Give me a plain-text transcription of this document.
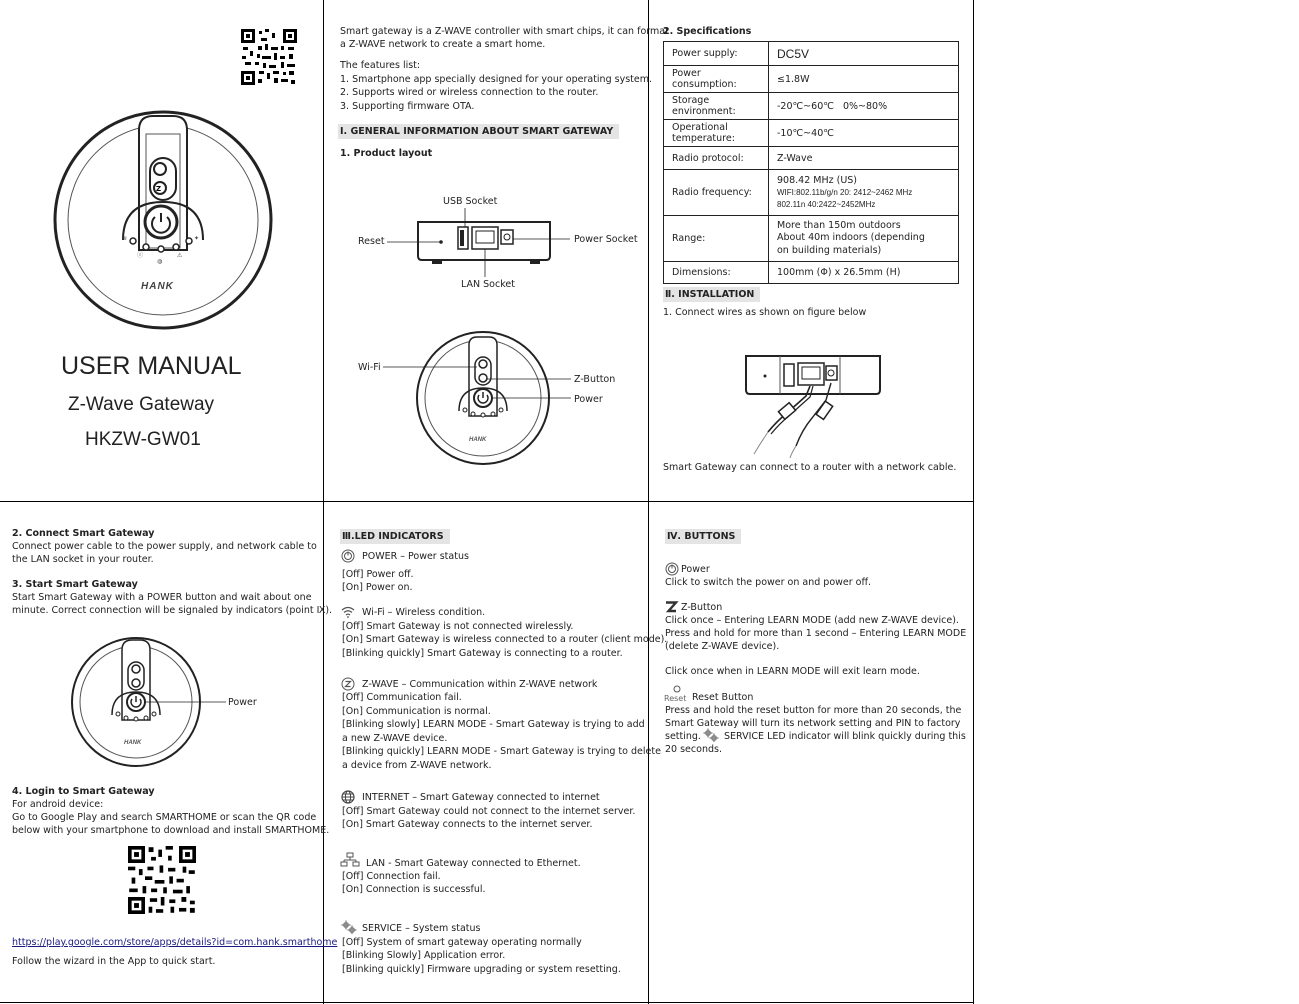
Z
≋	✦
ⓩ
◍
⚠
HANK
USER MANUAL
Z-Wave Gateway
HKZW-GW01
Smart gateway is a Z-WAVE controller with smart chips, it can format
a Z-WAVE network to create a smart home.
The features list:
1. Smartphone app specially designed for your operating system.
2. Supports wired or wireless connection to the router.
3. Supporting firmware OTA.
Ⅰ. GENERAL INFORMATION ABOUT SMART GATEWAY
1. Product layout
USB Socket
Reset	Power Socket
LAN Socket
HANK
Wi-Fi
Z-Button
Power
2. Specifications
Power supply:	DC5V
Power consumption:	≤1.8W
Storage environment:	-20℃~60℃   0%~80%
Operational temperature:	-10℃~40℃
Radio protocol:	Z-Wave
Radio frequency:	908.42 MHz (US)
WIFI:802.11b/g/n 20: 2412~2462 MHz
802.11n 40:2422~2452MHz

Range:	More than 150m outdoors
About 40m indoors (depending
on building materials)

Dimensions:	100mm (Φ) x 26.5mm (H)
Ⅱ. INSTALLATION
1. Connect wires as shown on figure below
Smart Gateway can connect to a router with a network cable.
2. Connect Smart Gateway
Connect power cable to the power supply, and network cable to
the LAN socket in your router.
3. Start Smart Gateway
Start Smart Gateway with a POWER button and wait about one
minute. Correct connection will be signaled by indicators (point Ⅸ).
HANK
Power
4. Login to Smart Gateway
For android device:
Go to Google Play and search SMARTHOME or scan the QR code
below with your smartphone to download and install SMARTHOME.
https://play.google.com/store/apps/details?id=com.hank.smarthome
Follow the wizard in the App to quick start.
Ⅲ.LED INDICATORS
POWER – Power status
[Off] Power off.
[On] Power on.
Wi-Fi – Wireless condition.
[Off] Smart Gateway is not connected wirelessly.
[On] Smart Gateway is wireless connected to a router (client mode).
[Blinking quickly] Smart Gateway is connecting to a router.
Z-WAVE – Communication within Z-WAVE network
[Off] Communication fail.
[On] Communication is normal.
[Blinking slowly] LEARN MODE - Smart Gateway is trying to add
a new Z-WAVE device.
[Blinking quickly] LEARN MODE - Smart Gateway is trying to delete
a device from Z-WAVE network.
INTERNET – Smart Gateway connected to internet
[Off] Smart Gateway could not connect to the internet server.
[On] Smart Gateway connects to the internet server.
LAN - Smart Gateway connected to Ethernet.
[Off] Connection fail.
[On] Connection is successful.
SERVICE – System status
[Off] System of smart gateway operating normally
[Blinking Slowly] Application error.
[Blinking quickly] Firmware upgrading or system resetting.
Ⅳ. BUTTONS
Power
Click to switch the power on and power off.
Z-Button
Click once – Entering LEARN MODE (add new Z-WAVE device).
Press and hold for more than 1 second – Entering LEARN MODE
(delete Z-WAVE device).
Click once when in LEARN MODE will exit learn mode.
Reset Reset Button
Press and hold the reset button for more than 20 seconds, the
Smart Gateway will turn its network setting and PIN to factory
setting. SERVICE LED indicator will blink quickly during this
20 seconds.
